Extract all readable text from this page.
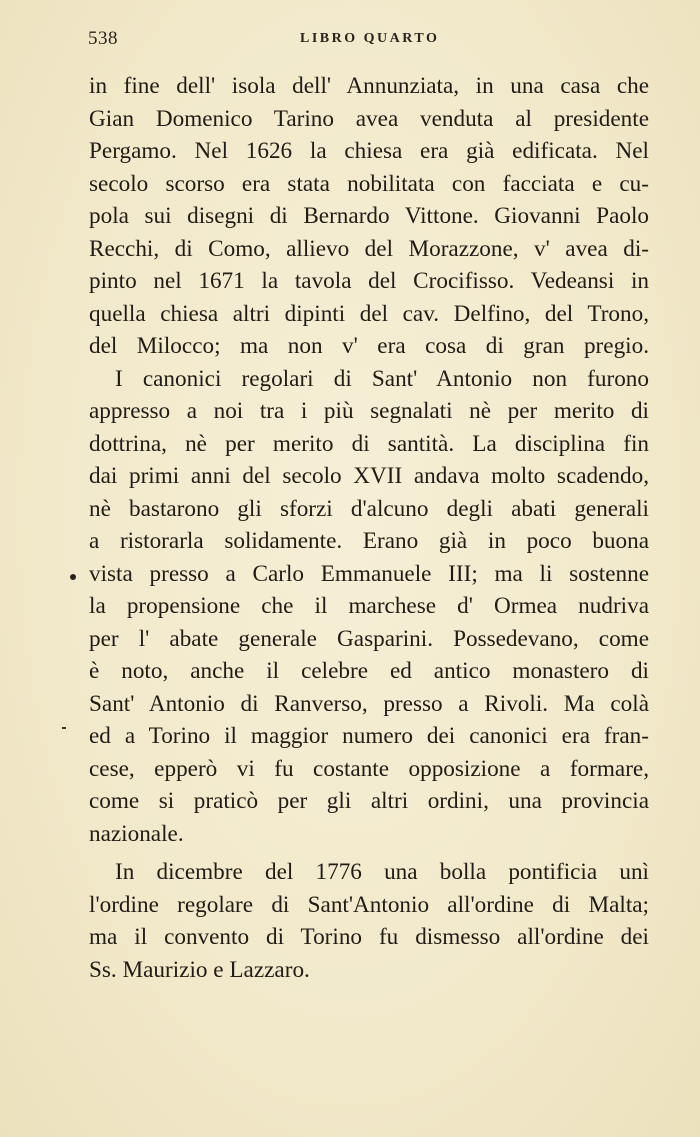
538	LIBRO QUARTO
in fine dell' isola dell' Annunziata, in una casa che
Gian Domenico Tarino avea venduta al presidente
Pergamo. Nel 1626 la chiesa era già edificata. Nel
secolo scorso era stata nobilitata con facciata e cu-
pola sui disegni di Bernardo Vittone. Giovanni Paolo
Recchi, di Como, allievo del Morazzone, v' avea di-
pinto nel 1671 la tavola del Crocifisso. Vedeansi in
quella chiesa altri dipinti del cav. Delfino, del Trono,
del Milocco; ma non v' era cosa di gran pregio.
I canonici regolari di Sant' Antonio non furono
appresso a noi tra i più segnalati nè per merito di
dottrina, nè per merito di santità. La disciplina fin
dai primi anni del secolo XVII andava molto scadendo,
nè bastarono gli sforzi d'alcuno degli abati generali
a ristorarla solidamente. Erano già in poco buona
vista presso a Carlo Emmanuele III; ma li sostenne
la propensione che il marchese d' Ormea nudriva
per l' abate generale Gasparini. Possedevano, come
è noto, anche il celebre ed antico monastero di
Sant' Antonio di Ranverso, presso a Rivoli. Ma colà
ed a Torino il maggior numero dei canonici era fran-
cese, epperò vi fu costante opposizione a formare,
come si praticò per gli altri ordini, una provincia
nazionale.
In dicembre del 1776 una bolla pontificia unì
l'ordine regolare di Sant'Antonio all'ordine di Malta;
ma il convento di Torino fu dismesso all'ordine dei
Ss. Maurizio e Lazzaro.
